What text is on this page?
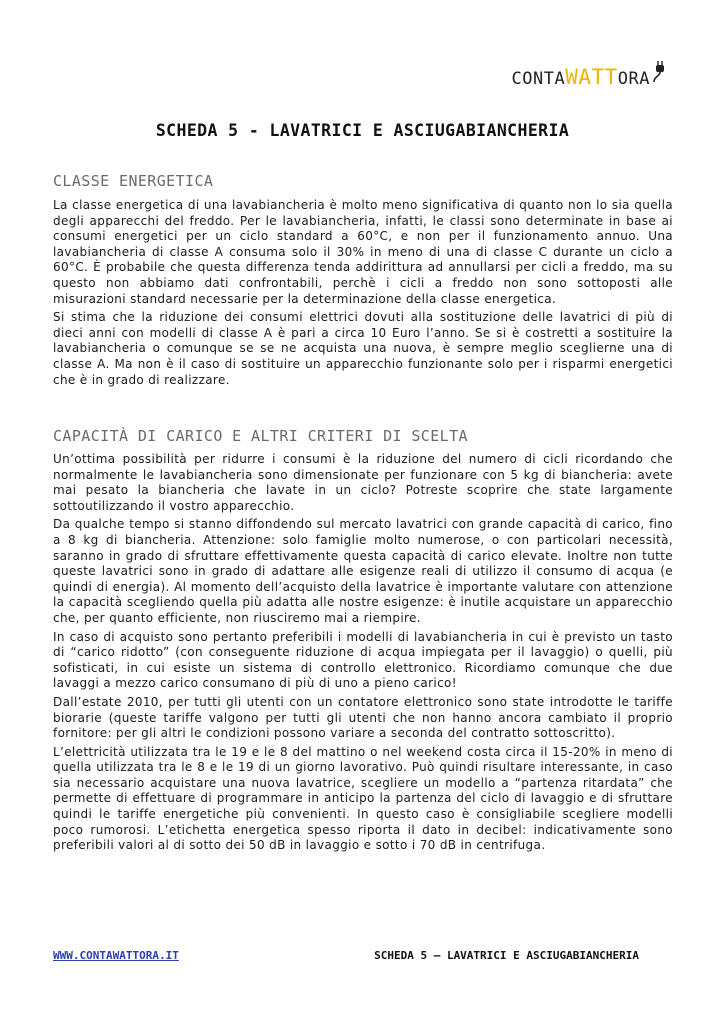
CONTAWATTORA
SCHEDA 5 - LAVATRICI E ASCIUGABIANCHERIA
CLASSE ENERGETICA

La classe energetica di una lavabiancheria è molto meno significativa di quanto non lo sia quella degli apparecchi del freddo. Per le lavabiancheria, infatti, le classi sono determinate in base ai consumi energetici per un ciclo standard a 60°C, e non per il funzionamento annuo. Una lavabiancheria di classe A consuma solo il 30% in meno di una di classe C durante un ciclo a 60°C. È probabile che questa differenza tenda addirittura ad annullarsi per cicli a freddo, ma su questo non abbiamo dati confrontabili, perchè i cicli a freddo non sono sottoposti alle misurazioni standard necessarie per la determinazione della classe energetica.

Si stima che la riduzione dei consumi elettrici dovuti alla sostituzione delle lavatrici di più di dieci anni con modelli di classe A è pari a circa 10 Euro l’anno. Se si è costretti a sostituire la lavabiancheria o comunque se se ne acquista una nuova, è sempre meglio sceglierne una di classe A. Ma non è il caso di sostituire un apparecchio funzionante solo per i risparmi energetici che è in grado di realizzare.

CAPACITÀ DI CARICO E ALTRI CRITERI DI SCELTA

Un’ottima possibilità per ridurre i consumi è la riduzione del numero di cicli ricordando che normalmente le lavabiancheria sono dimensionate per funzionare con 5 kg di biancheria: avete mai pesato la biancheria che lavate in un ciclo? Potreste scoprire che state largamente sottoutilizzando il vostro apparecchio.

Da qualche tempo si stanno diffondendo sul mercato lavatrici con grande capacità di carico, fino a 8 kg di biancheria. Attenzione: solo famiglie molto numerose, o con particolari necessità, saranno in grado di sfruttare effettivamente questa capacità di carico elevate. Inoltre non tutte queste lavatrici sono in grado di adattare alle esigenze reali di utilizzo il consumo di acqua (e quindi di energia). Al momento dell’acquisto della lavatrice è importante valutare con attenzione la capacità scegliendo quella più adatta alle nostre esigenze: è inutile acquistare un apparecchio che, per quanto efficiente, non riusciremo mai a riempire.

In caso di acquisto sono pertanto preferibili i modelli di lavabiancheria in cui è previsto un tasto di “carico ridotto” (con conseguente riduzione di acqua impiegata per il lavaggio) o quelli, più sofisticati, in cui esiste un sistema di controllo elettronico. Ricordiamo comunque che due lavaggi a mezzo carico consumano di più di uno a pieno carico!

Dall’estate 2010, per tutti gli utenti con un contatore elettronico sono state introdotte le tariffe biorarie (queste tariffe valgono per tutti gli utenti che non hanno ancora cambiato il proprio fornitore: per gli altri le condizioni possono variare a seconda del contratto sottoscritto).

L’elettricità utilizzata tra le 19 e le 8 del mattino o nel weekend costa circa il 15-20% in meno di quella utilizzata tra le 8 e le 19 di un giorno lavorativo. Può quindi risultare interessante, in caso sia necessario acquistare una nuova lavatrice, scegliere un modello a “partenza ritardata” che permette di effettuare di programmare in anticipo la partenza del ciclo di lavaggio e di sfruttare quindi le tariffe energetiche più convenienti. In questo caso è consigliabile scegliere modelli poco rumorosi. L’etichetta energetica spesso riporta il dato in decibel: indicativamente sono preferibili valori al di sotto dei 50 dB in lavaggio e sotto i 70 dB in centrifuga.

WWW.CONTAWATTORA.IT	SCHEDA 5 – LAVATRICI E ASCIUGABIANCHERIA
